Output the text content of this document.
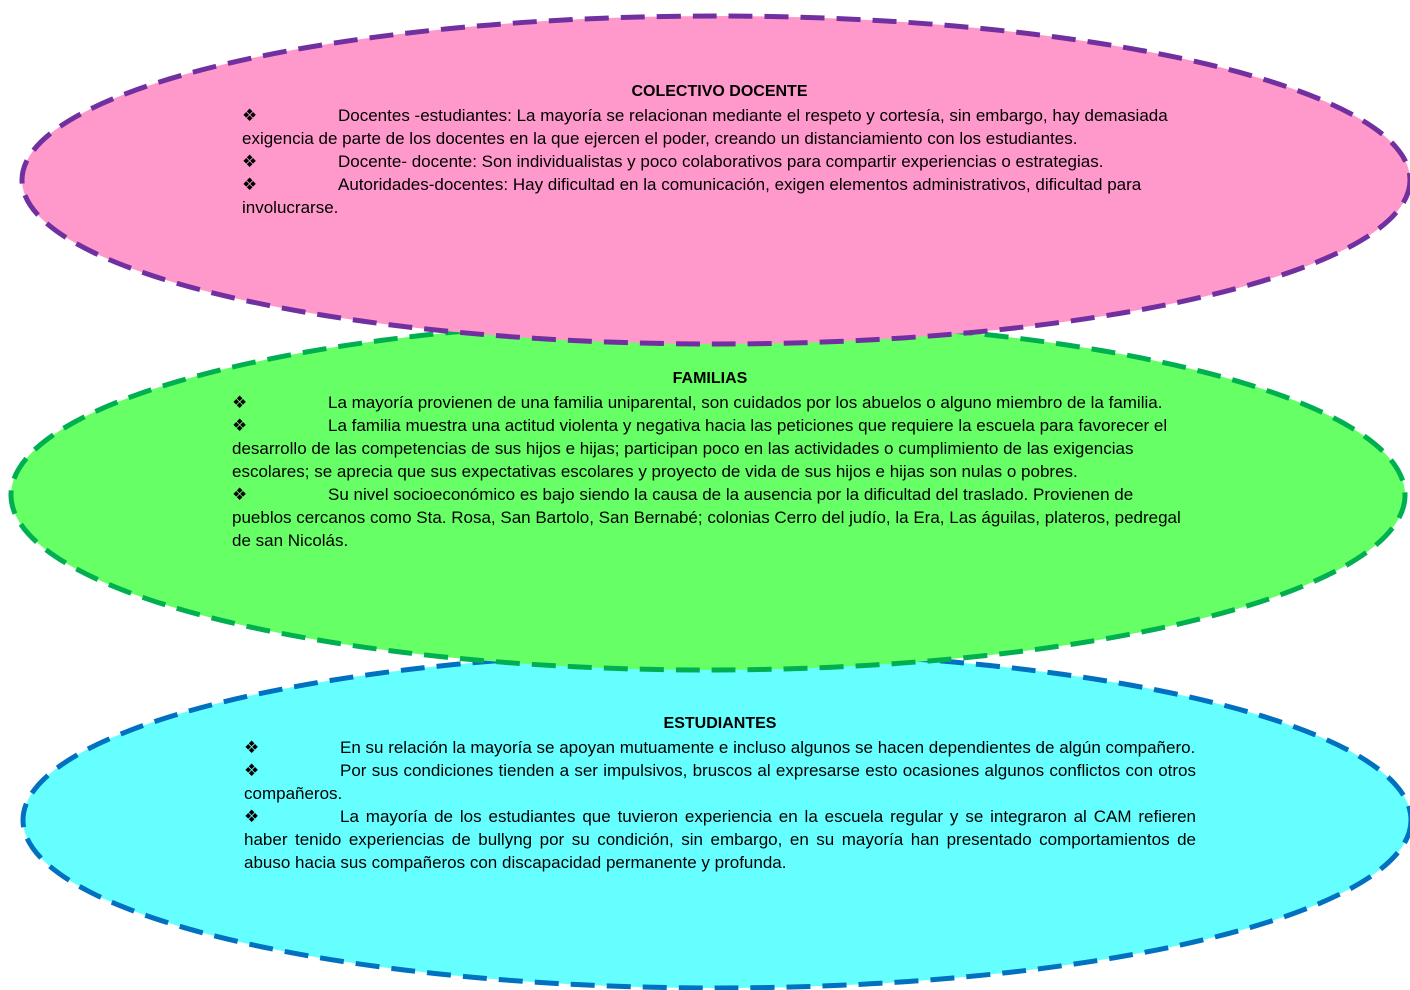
COLECTIVO DOCENTE

❖	Docentes -estudiantes: La mayoría se relacionan mediante el respeto y cortesía, sin embargo, hay demasiada exigencia de parte de los docentes en la que ejercen el poder, creando un distanciamiento con los estudiantes.

❖	Docente- docente: Son individualistas y poco colaborativos para compartir experiencias o estrategias.

❖	Autoridades-docentes: Hay dificultad en la comunicación, exigen elementos administrativos, dificultad para involucrarse.

FAMILIAS

❖	La mayoría provienen de una familia uniparental, son cuidados por los abuelos o alguno miembro de la familia.

❖	La familia muestra una actitud violenta y negativa hacia las peticiones que requiere la escuela para favorecer el desarrollo de las competencias de sus hijos e hijas; participan poco en las actividades o cumplimiento de las exigencias escolares; se aprecia que sus expectativas escolares y proyecto de vida de sus hijos e hijas son nulas o pobres.

❖	Su nivel socioeconómico es bajo siendo la causa de la ausencia por la dificultad del traslado. Provienen de pueblos cercanos como Sta. Rosa, San Bartolo, San Bernabé; colonias Cerro del judío, la Era, Las águilas, plateros, pedregal de san Nicolás.

ESTUDIANTES

❖	En su relación la mayoría se apoyan mutuamente e incluso algunos se hacen dependientes de algún compañero.

❖	Por sus condiciones tienden a ser impulsivos, bruscos al expresarse esto ocasiones algunos conflictos con otros compañeros.

❖	La mayoría de los estudiantes que tuvieron experiencia en la escuela regular y se integraron al CAM refieren haber tenido experiencias de bullyng por su condición, sin embargo, en su mayoría han presentado comportamientos de abuso hacia sus compañeros con discapacidad permanente y profunda.
